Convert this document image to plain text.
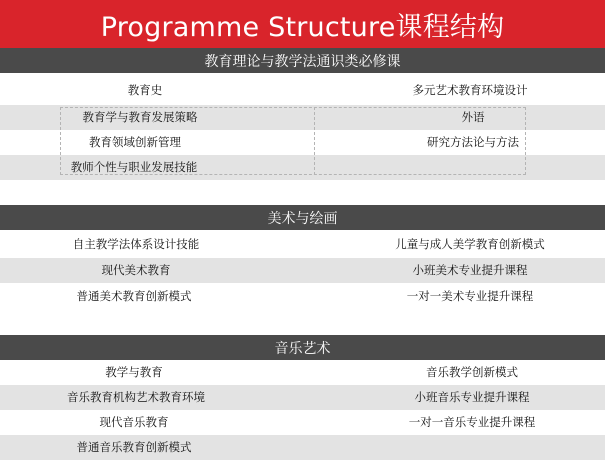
Programme Structure课程结构
教育理论与教学法通识类必修课
教育史	多元艺术教育环境设计
教育学与教育发展策略	外语
教育领域创新管理	研究方法论与方法
教师个性与职业发展技能
美术与绘画
自主教学法体系设计技能	儿童与成人美学教育创新模式
现代美术教育	小班美术专业提升课程
普通美术教育创新模式	一对一美术专业提升课程
音乐艺术
教学与教育	音乐教学创新模式
音乐教育机构艺术教育环境	小班音乐专业提升课程
现代音乐教育	一对一音乐专业提升课程
普通音乐教育创新模式
